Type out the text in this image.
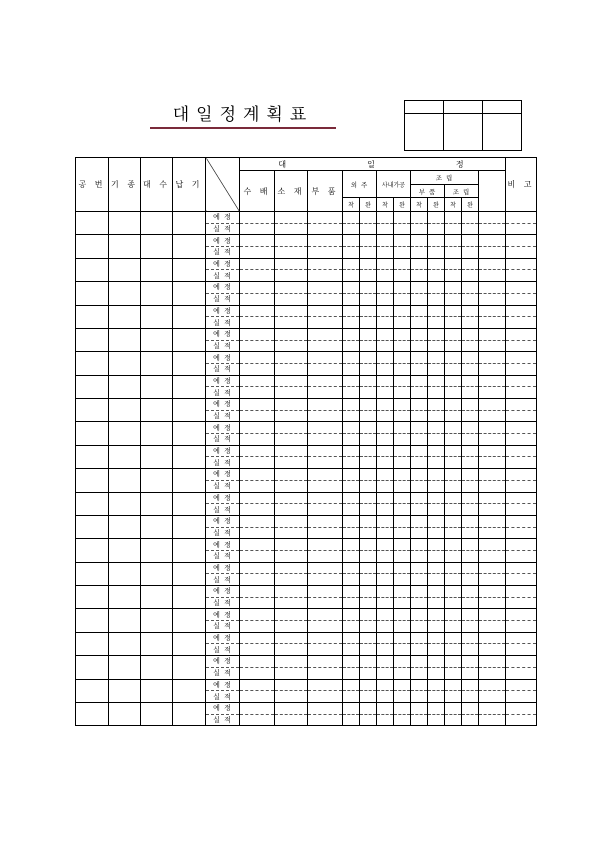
대일정계획표

공 번	기 종	대 수	납 기		대 일 정												비 고
					수 배	소 재	부 품	외 주		사내가공		조 립					
												부 품		조 립			
								착	완	착	완	착	완	착	완		
				예 정													
				실 적													
				예 정													
				실 적													
				예 정													
				실 적													
				예 정													
				실 적													
				예 정													
				실 적													
				예 정													
				실 적													
				예 정													
				실 적													
				예 정													
				실 적													
				예 정													
				실 적													
				예 정													
				실 적													
				예 정													
				실 적													
				예 정													
				실 적													
				예 정													
				실 적													
				예 정													
				실 적													
				예 정													
				실 적													
				예 정													
				실 적													
				예 정													
				실 적													
				예 정													
				실 적													
				예 정													
				실 적													
				예 정													
				실 적													
				예 정													
				실 적													
				예 정													
				실 적													
